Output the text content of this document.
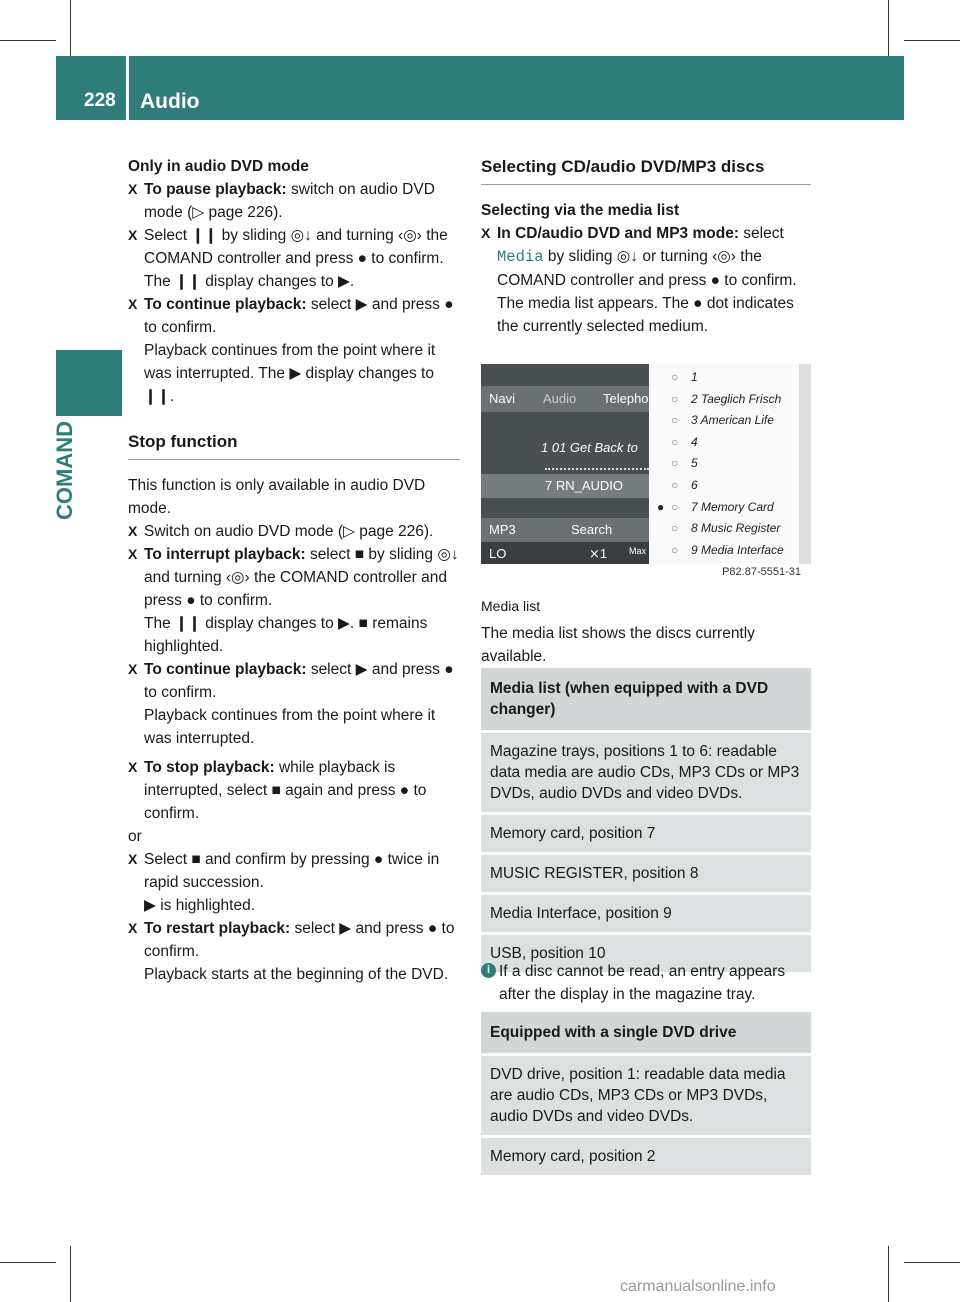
228 Audio
COMAND

Only in audio DVD mode

X To pause playback: switch on audio DVD mode (▷ page 226).

X Select ❙❙ by sliding ◎↓ and turning ‹◎› the COMAND controller and press ● to confirm.
The ❙❙ display changes to ▶.

X To continue playback: select ▶ and press ● to confirm.
Playback continues from the point where it was interrupted. The ▶ display changes to ❙❙.

Stop function

This function is only available in audio DVD mode.

X Switch on audio DVD mode (▷ page 226).

X To interrupt playback: select ■ by sliding ◎↓ and turning ‹◎› the COMAND controller and press ● to confirm.
The ❙❙ display changes to ▶. ■ remains highlighted.

X To continue playback: select ▶ and press ● to confirm.
Playback continues from the point where it was interrupted.

X To stop playback: while playback is interrupted, select ■ again and press ● to confirm.

or

X Select ■ and confirm by pressing ● twice in rapid succession.
▶ is highlighted.

X To restart playback: select ▶ and press ● to confirm.
Playback starts at the beginning of the DVD.

Selecting CD/audio DVD/MP3 discs

Selecting via the media list

X In CD/audio DVD and MP3 mode: select Media by sliding ◎↓ or turning ‹◎› the COMAND controller and press ● to confirm.
The media list appears. The ● dot indicates the currently selected medium.

Navi Audio Telepho
1 01 Get Back to
7 RN_AUDIO
MP3	Search
LO	⨯1 Max
1
○
2 Taeglich Frisch
○
3 American Life
○
4
○
5
○
6
○
7 Memory Card
○
●
8 Music Register
○
9 Media Interface
○
P82.87-5551-31

Media list

The media list shows the discs currently available.

Media list (when equipped with a DVD changer)
Magazine trays, positions 1 to 6: readable data media are audio CDs, MP3 CDs or MP3 DVDs, audio DVDs and video DVDs.
Memory card, position 7
MUSIC REGISTER, position 8
Media Interface, position 9
USB, position 10

i If a disc cannot be read, an entry appears after the display in the magazine tray.

Equipped with a single DVD drive
DVD drive, position 1: readable data media are audio CDs, MP3 CDs or MP3 DVDs, audio DVDs and video DVDs.
Memory card, position 2
carmanualsonline.info
